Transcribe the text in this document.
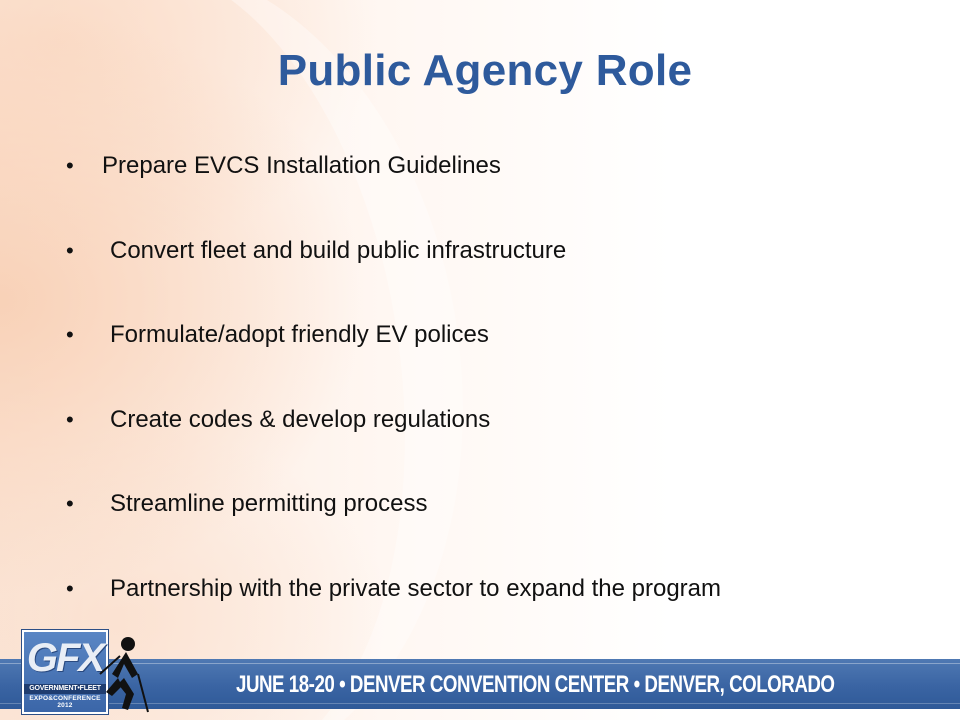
Public Agency Role
•	Prepare EVCS Installation Guidelines
•	Convert fleet and build public infrastructure
•	Formulate/adopt friendly EV polices
•	Create codes & develop regulations
•	Streamline permitting process
•	Partnership with the private sector to expand the program
JUNE 18-20 • DENVER CONVENTION CENTER • DENVER, COLORADO
GFX
GOVERNMENT•FLEET
EXPO&CONFERENCE 2012
